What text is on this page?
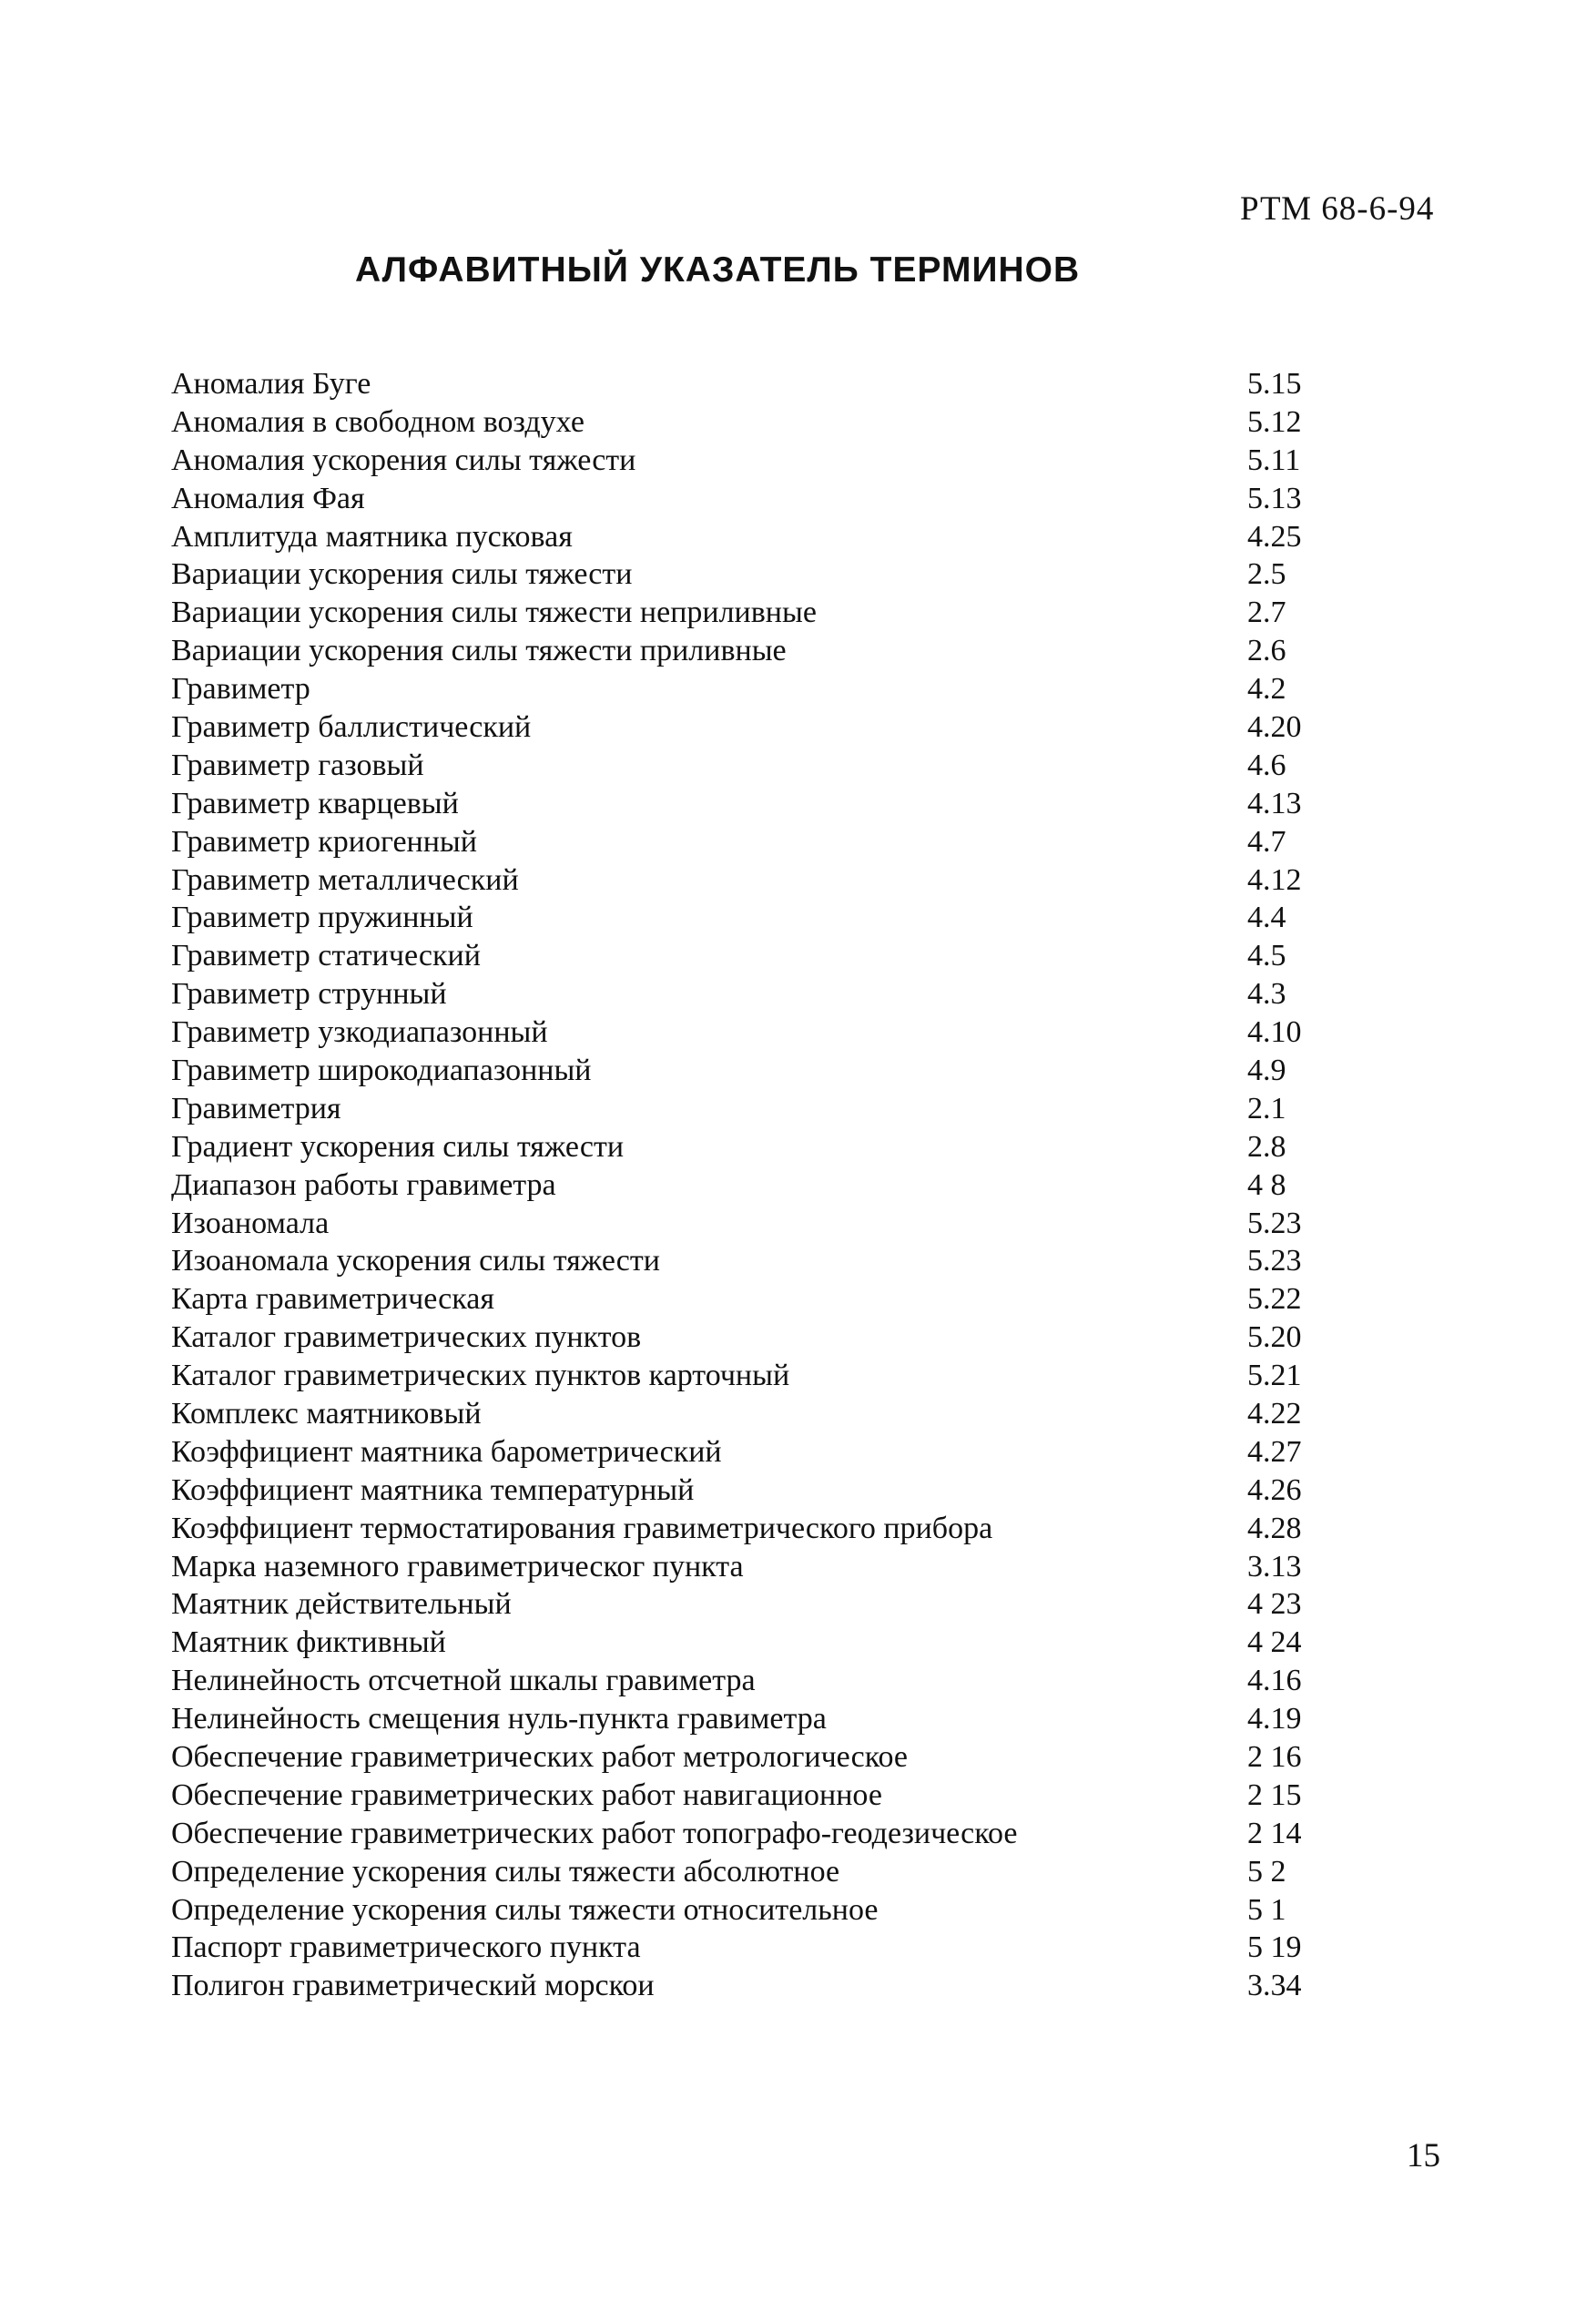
РТМ 68-6-94
АЛФАВИТНЫЙ УКАЗАТЕЛЬ ТЕРМИНОВ
Аномалия Буге	5.15
Аномалия в свободном воздухе	5.12
Аномалия ускорения силы тяжести	5.11
Аномалия Фая	5.13
Амплитуда маятника пусковая	4.25
Вариации ускорения силы тяжести	2.5
Вариации ускорения силы тяжести неприливные	2.7
Вариации ускорения силы тяжести приливные	2.6
Гравиметр	4.2
Гравиметр баллистический	4.20
Гравиметр газовый	4.6
Гравиметр кварцевый	4.13
Гравиметр криогенный	4.7
Гравиметр металлический	4.12
Гравиметр пружинный	4.4
Гравиметр статический	4.5
Гравиметр струнный	4.3
Гравиметр узкодиапазонный	4.10
Гравиметр широкодиапазонный	4.9
Гравиметрия	2.1
Градиент ускорения силы тяжести	2.8
Диапазон работы гравиметра	4 8
Изоаномала	5.23
Изоаномала ускорения силы тяжести	5.23
Карта гравиметрическая	5.22
Каталог гравиметрических пунктов	5.20
Каталог гравиметрических пунктов карточный	5.21
Комплекс маятниковый	4.22
Коэффициент маятника барометрический	4.27
Коэффициент маятника температурный	4.26
Коэффициент термостатирования гравиметрического прибора	4.28
Марка наземного гравиметрическог пункта	3.13
Маятник действительный	4 23
Маятник фиктивный	4 24
Нелинейность отсчетной шкалы гравиметра	4.16
Нелинейность смещения нуль-пункта гравиметра	4.19
Обеспечение гравиметрических работ метрологическое	2 16
Обеспечение гравиметрических работ навигационное	2 15
Обеспечение гравиметрических работ топографо-геодезическое	2 14
Определение ускорения силы тяжести абсолютное	5 2
Определение ускорения силы тяжести относительное	5 1
Паспорт гравиметрического пункта	5 19
Полигон гравиметрический морскои	3.34
15
